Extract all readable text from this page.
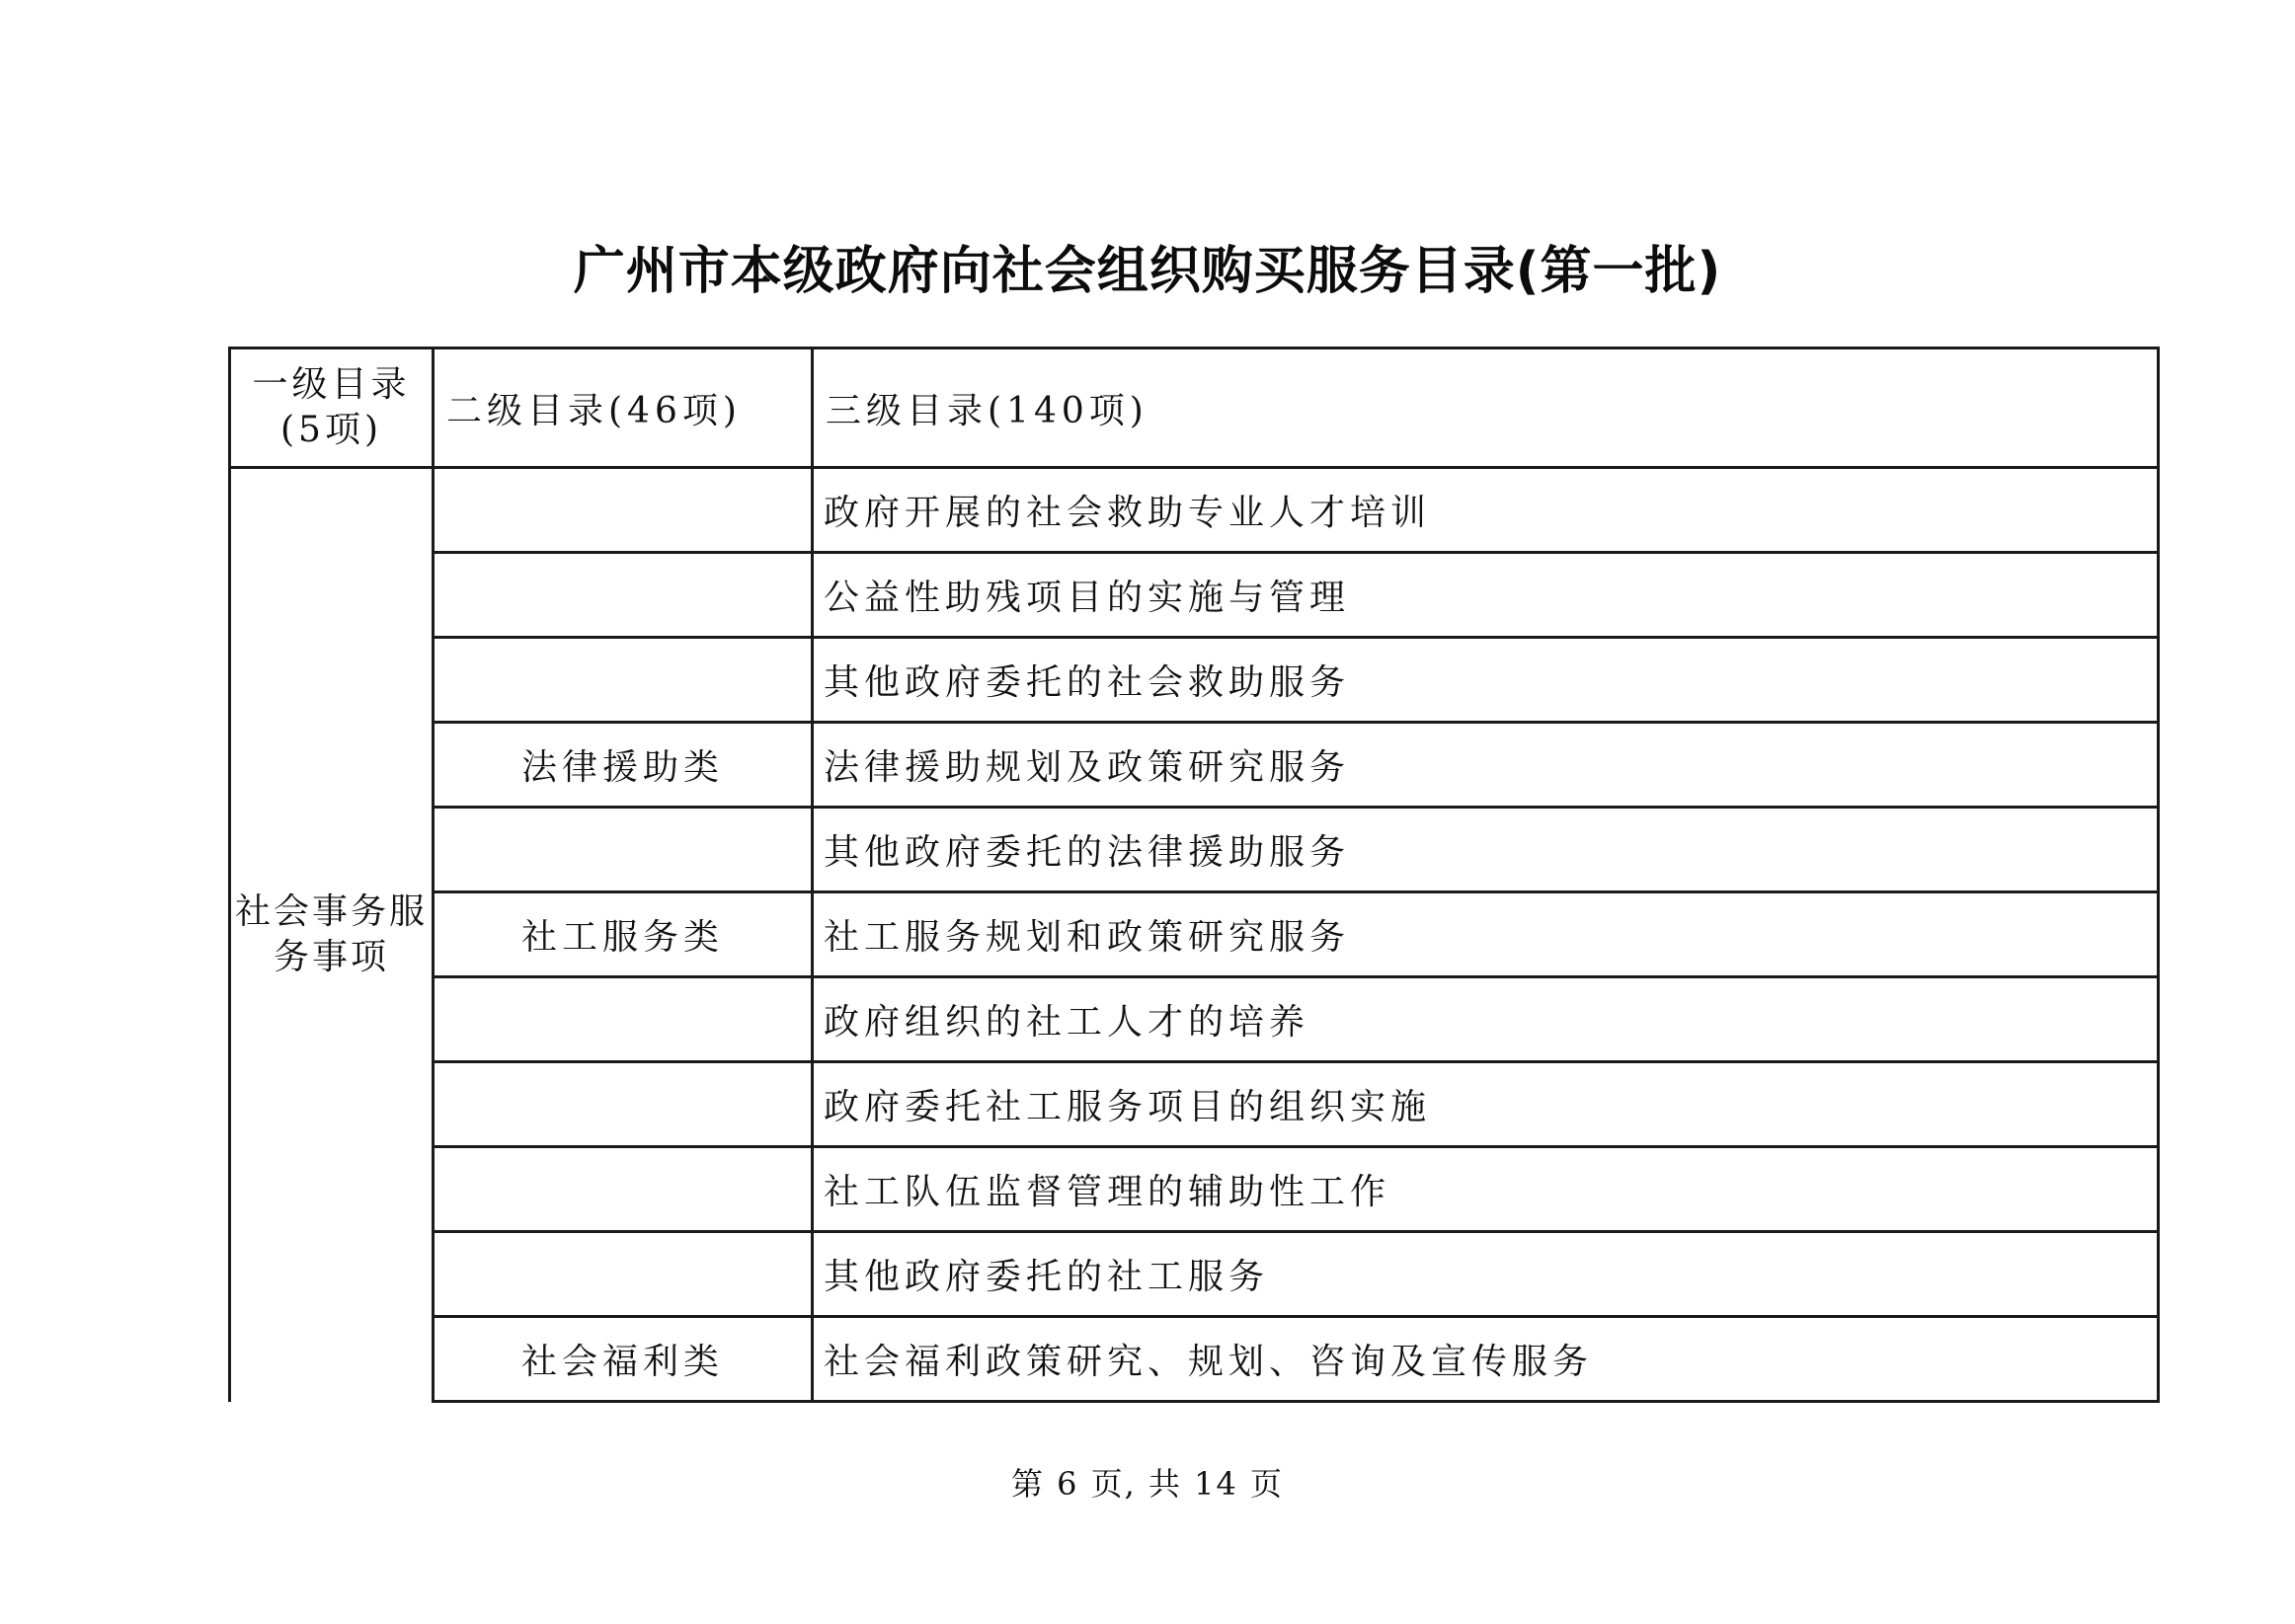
广州市本级政府向社会组织购买服务目录(第一批)
一级目录
(5项)	二级目录(46项)	三级目录(140项)
社会事务服务事项		政府开展的社会救助专业人才培训
		公益性助残项目的实施与管理
		其他政府委托的社会救助服务
	法律援助类	法律援助规划及政策研究服务
		其他政府委托的法律援助服务
	社工服务类	社工服务规划和政策研究服务
		政府组织的社工人才的培养
		政府委托社工服务项目的组织实施
		社工队伍监督管理的辅助性工作
		其他政府委托的社工服务
	社会福利类	社会福利政策研究、规划、咨询及宣传服务
第 6 页, 共 14 页
